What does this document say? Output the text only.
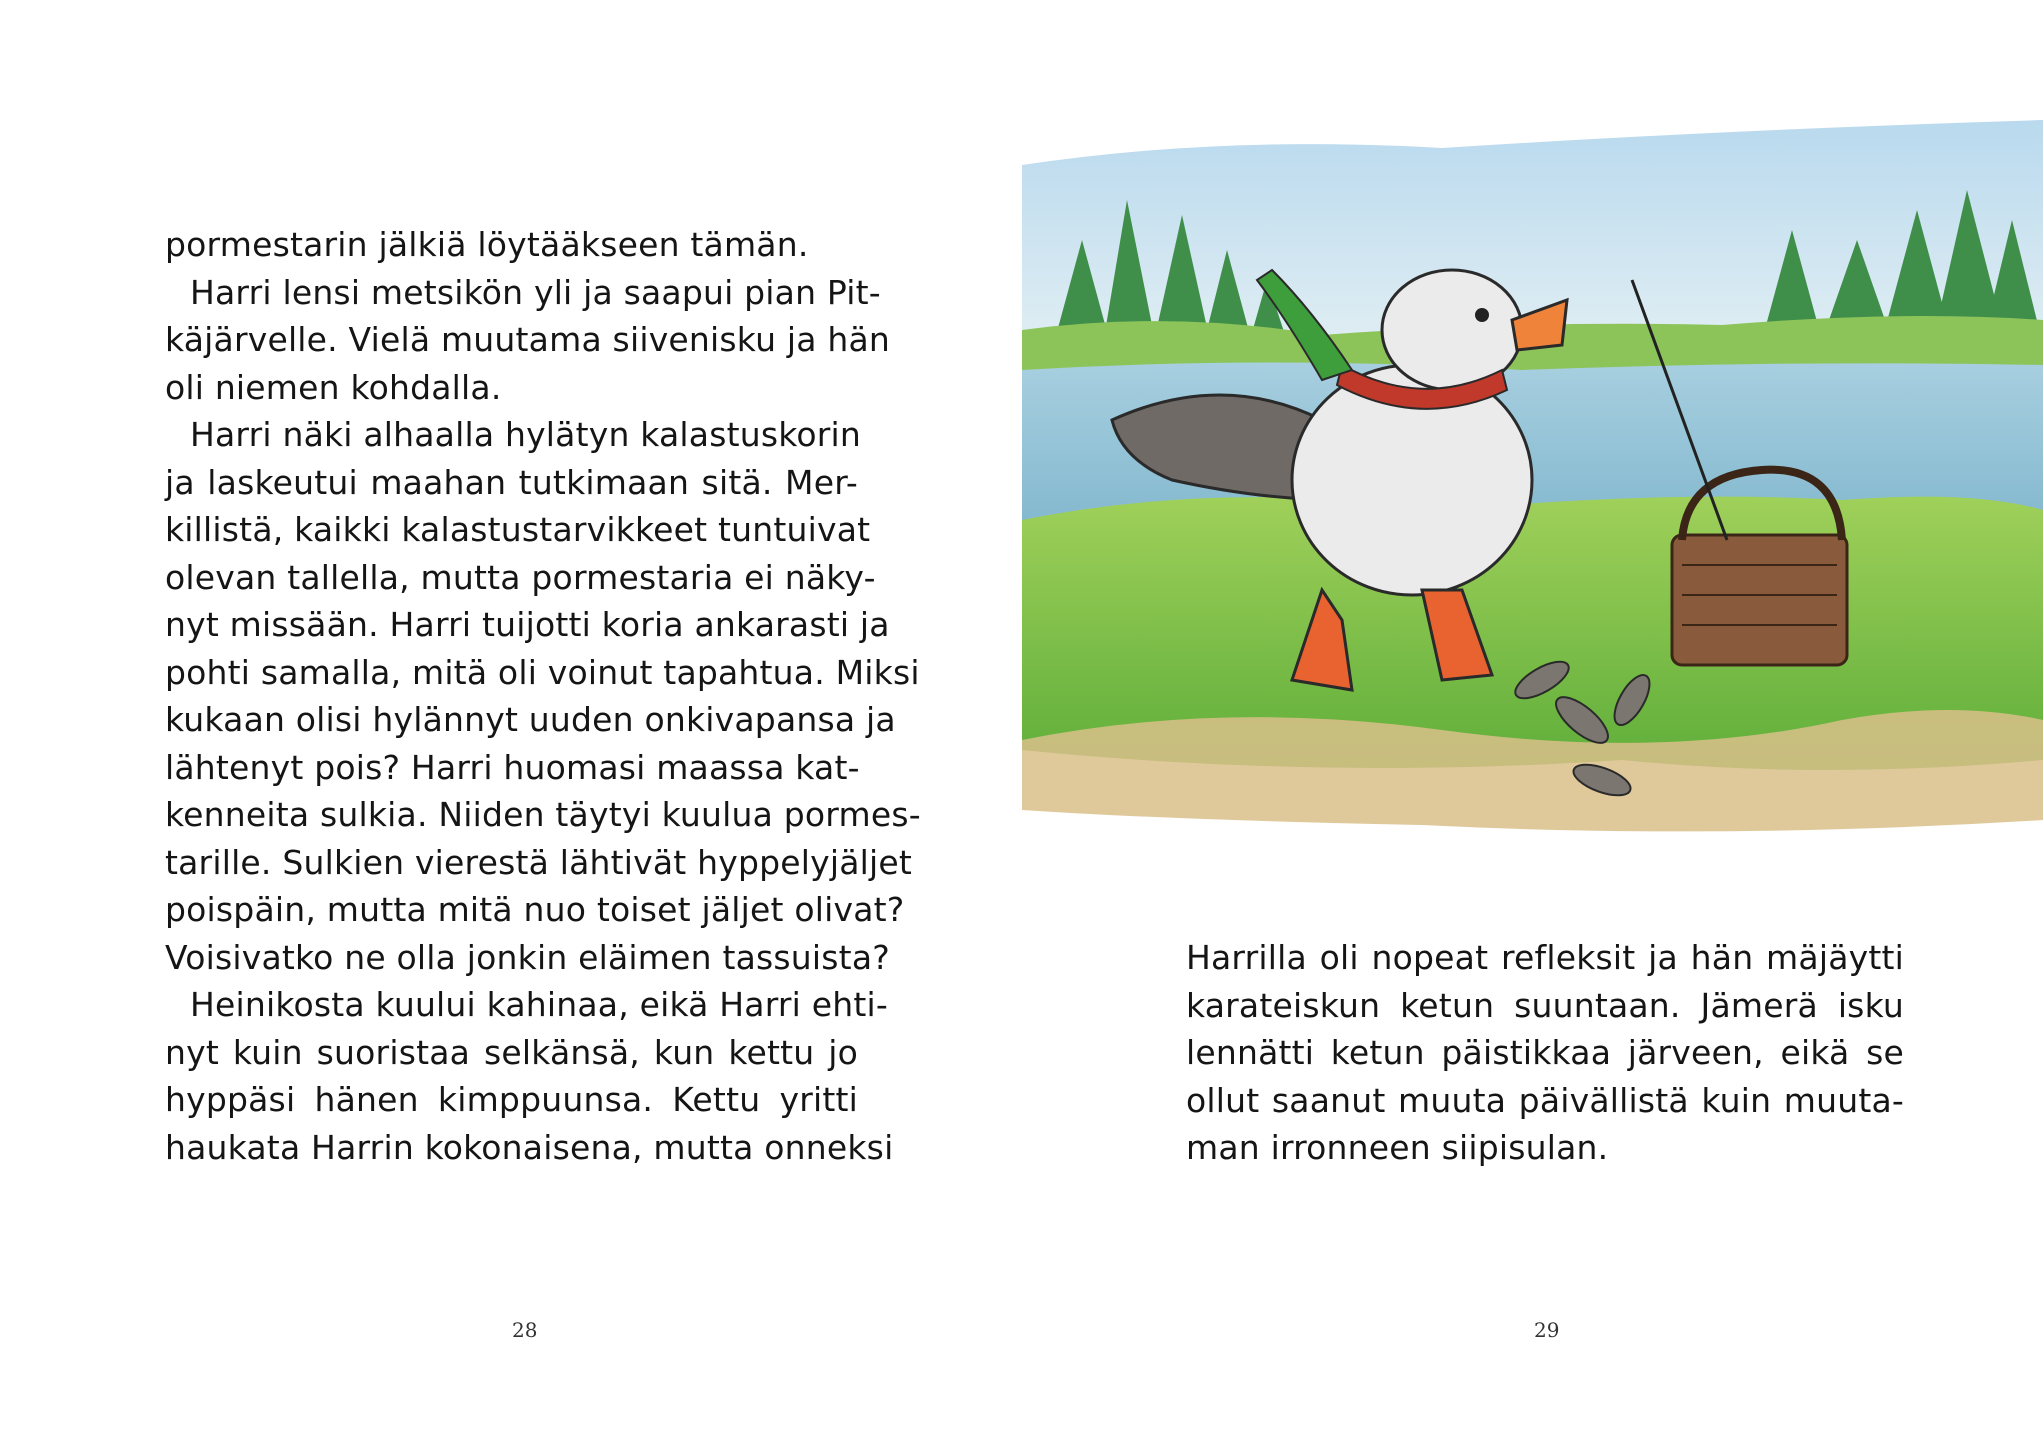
pormestarin jälkiä löytääkseen tämän.
Harri lensi metsikön yli ja saapui pian Pit-
käjärvelle. Vielä muutama siivenisku ja hän
oli niemen kohdalla.
Harri näki alhaalla hylätyn kalastuskorin
ja laskeutui maahan tutkimaan sitä. Mer-
killistä, kaikki kalastustarvikkeet tuntuivat
olevan tallella, mutta pormestaria ei näky-
nyt missään. Harri tuijotti koria ankarasti ja
pohti samalla, mitä oli voinut tapahtua. Miksi
kukaan olisi hylännyt uuden onkivapansa ja
lähtenyt pois? Harri huomasi maassa kat-
kenneita sulkia. Niiden täytyi kuulua pormes-
tarille. Sulkien vierestä lähtivät hyppelyjäljet
poispäin, mutta mitä nuo toiset jäljet olivat?
Voisivatko ne olla jonkin eläimen tassuista?
Heinikosta kuului kahinaa, eikä Harri ehti-
nyt kuin suoristaa selkänsä, kun kettu jo
hyppäsi hänen kimppuunsa. Kettu yritti
haukata Harrin kokonaisena, mutta onneksi
28
Harrilla oli nopeat refleksit ja hän mäjäytti
karateiskun ketun suuntaan. Jämerä isku
lennätti ketun päistikkaa järveen, eikä se
ollut saanut muuta päivällistä kuin muuta-
man irronneen siipisulan.
29
